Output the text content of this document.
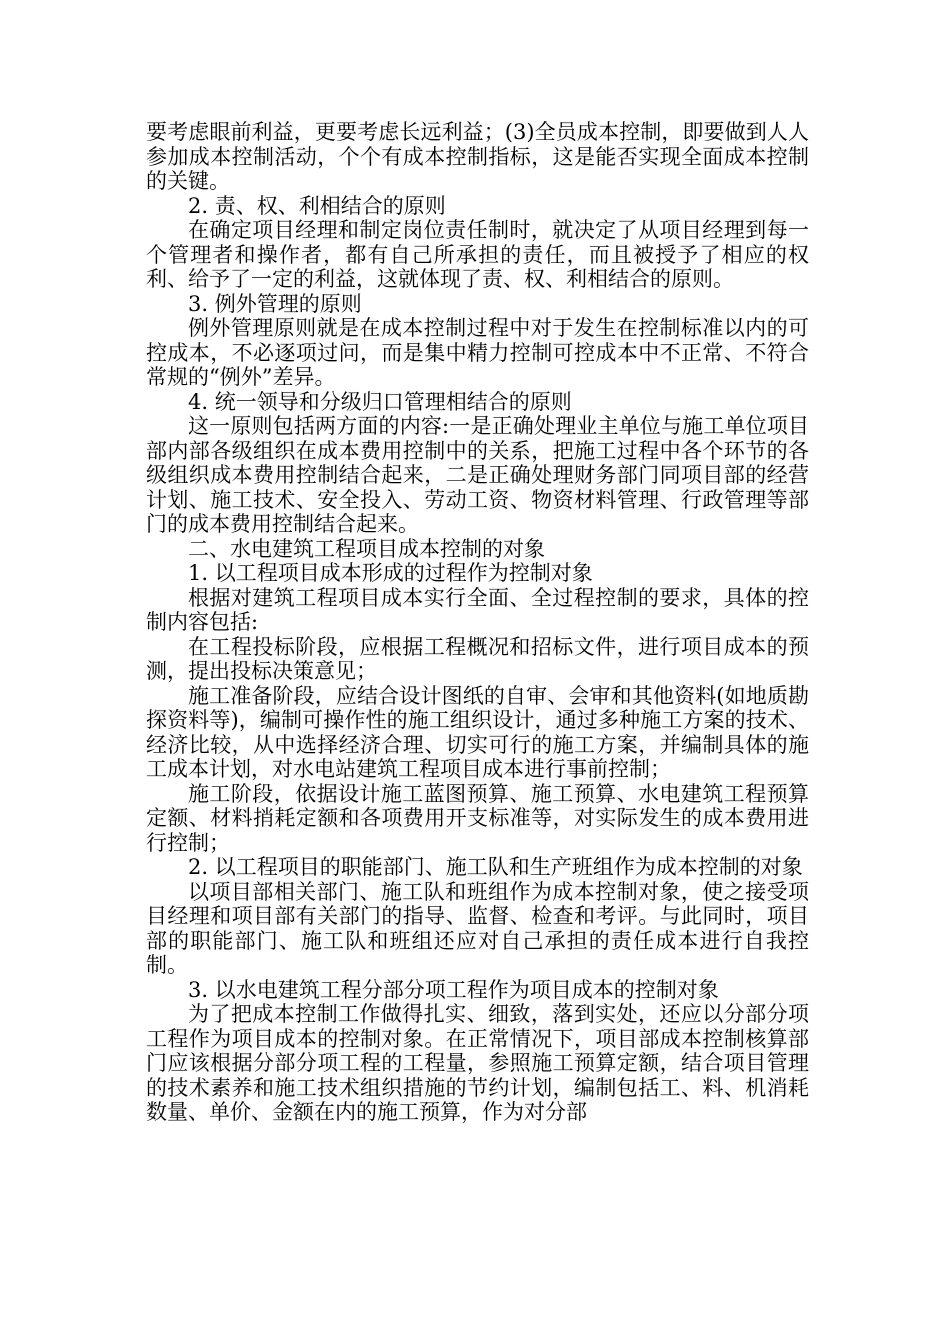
要考虑眼前利益，更要考虑长远利益；(3)全员成本控制，即要做到人人参加成本控制活动，个个有成本控制指标，这是能否实现全面成本控制的关键。

2. 责、权、利相结合的原则

在确定项目经理和制定岗位责任制时，就决定了从项目经理到每一个管理者和操作者，都有自己所承担的责任，而且被授予了相应的权利、给予了一定的利益，这就体现了责、权、利相结合的原则。

3. 例外管理的原则

例外管理原则就是在成本控制过程中对于发生在控制标准以内的可控成本，不必逐项过问，而是集中精力控制可控成本中不正常、不符合常规的“例外”差异。

4. 统一领导和分级归口管理相结合的原则

这一原则包括两方面的内容:一是正确处理业主单位与施工单位项目部内部各级组织在成本费用控制中的关系，把施工过程中各个环节的各级组织成本费用控制结合起来，二是正确处理财务部门同项目部的经营计划、施工技术、安全投入、劳动工资、物资材料管理、行政管理等部门的成本费用控制结合起来。

二、水电建筑工程项目成本控制的对象

1. 以工程项目成本形成的过程作为控制对象

根据对建筑工程项目成本实行全面、全过程控制的要求，具体的控制内容包括:

在工程投标阶段，应根据工程概况和招标文件，进行项目成本的预测，提出投标决策意见；

施工准备阶段，应结合设计图纸的自审、会审和其他资料(如地质勘探资料等)，编制可操作性的施工组织设计，通过多种施工方案的技术、经济比较，从中选择经济合理、切实可行的施工方案，并编制具体的施工成本计划，对水电站建筑工程项目成本进行事前控制；

施工阶段，依据设计施工蓝图预算、施工预算、水电建筑工程预算定额、材料捎耗定额和各项费用开支标准等，对实际发生的成本费用进行控制；

2. 以工程项目的职能部门、施工队和生产班组作为成本控制的对象

以项目部相关部门、施工队和班组作为成本控制对象，使之接受项目经理和项目部有关部门的指导、监督、检查和考评。与此同时，项目部的职能部门、施工队和班组还应对自己承担的责任成本进行自我控制。

3. 以水电建筑工程分部分项工程作为项目成本的控制对象

为了把成本控制工作做得扎实、细致，落到实处，还应以分部分项工程作为项目成本的控制对象。在正常情况下，项目部成本控制核算部门应该根据分部分项工程的工程量，参照施工预算定额，结合项目管理的技术素养和施工技术组织措施的节约计划，编制包括工、料、机消耗数量、单价、金额在内的施工预算，作为对分部
